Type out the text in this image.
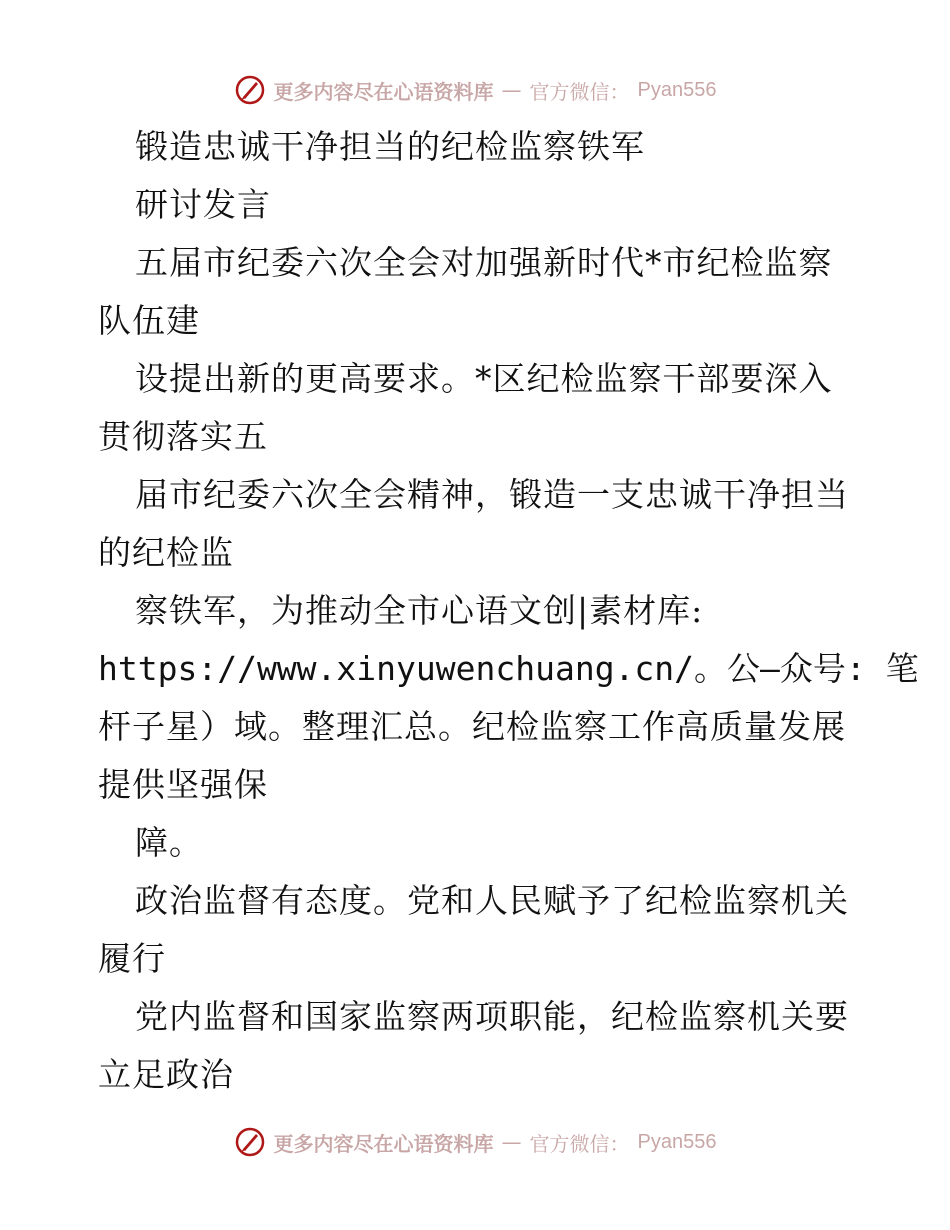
更多内容尽在心语资料库 — 官方微信： Pyan556
锻造忠诚干净担当的纪检监察铁军
研讨发言
五届市纪委六次全会对加强新时代*市纪检监察
队伍建
设提出新的更高要求。*区纪检监察干部要深入
贯彻落实五
届市纪委六次全会精神，锻造一支忠诚干净担当
的纪检监
察铁军，为推动全市心语文创|素材库:
https://www.xinyuwenchuang.cn/。公—众号: 笔
杆子星）域。整理汇总。纪检监察工作高质量发展
提供坚强保
障。
政治监督有态度。党和人民赋予了纪检监察机关
履行
党内监督和国家监察两项职能，纪检监察机关要
立足政治
更多内容尽在心语资料库 — 官方微信： Pyan556
